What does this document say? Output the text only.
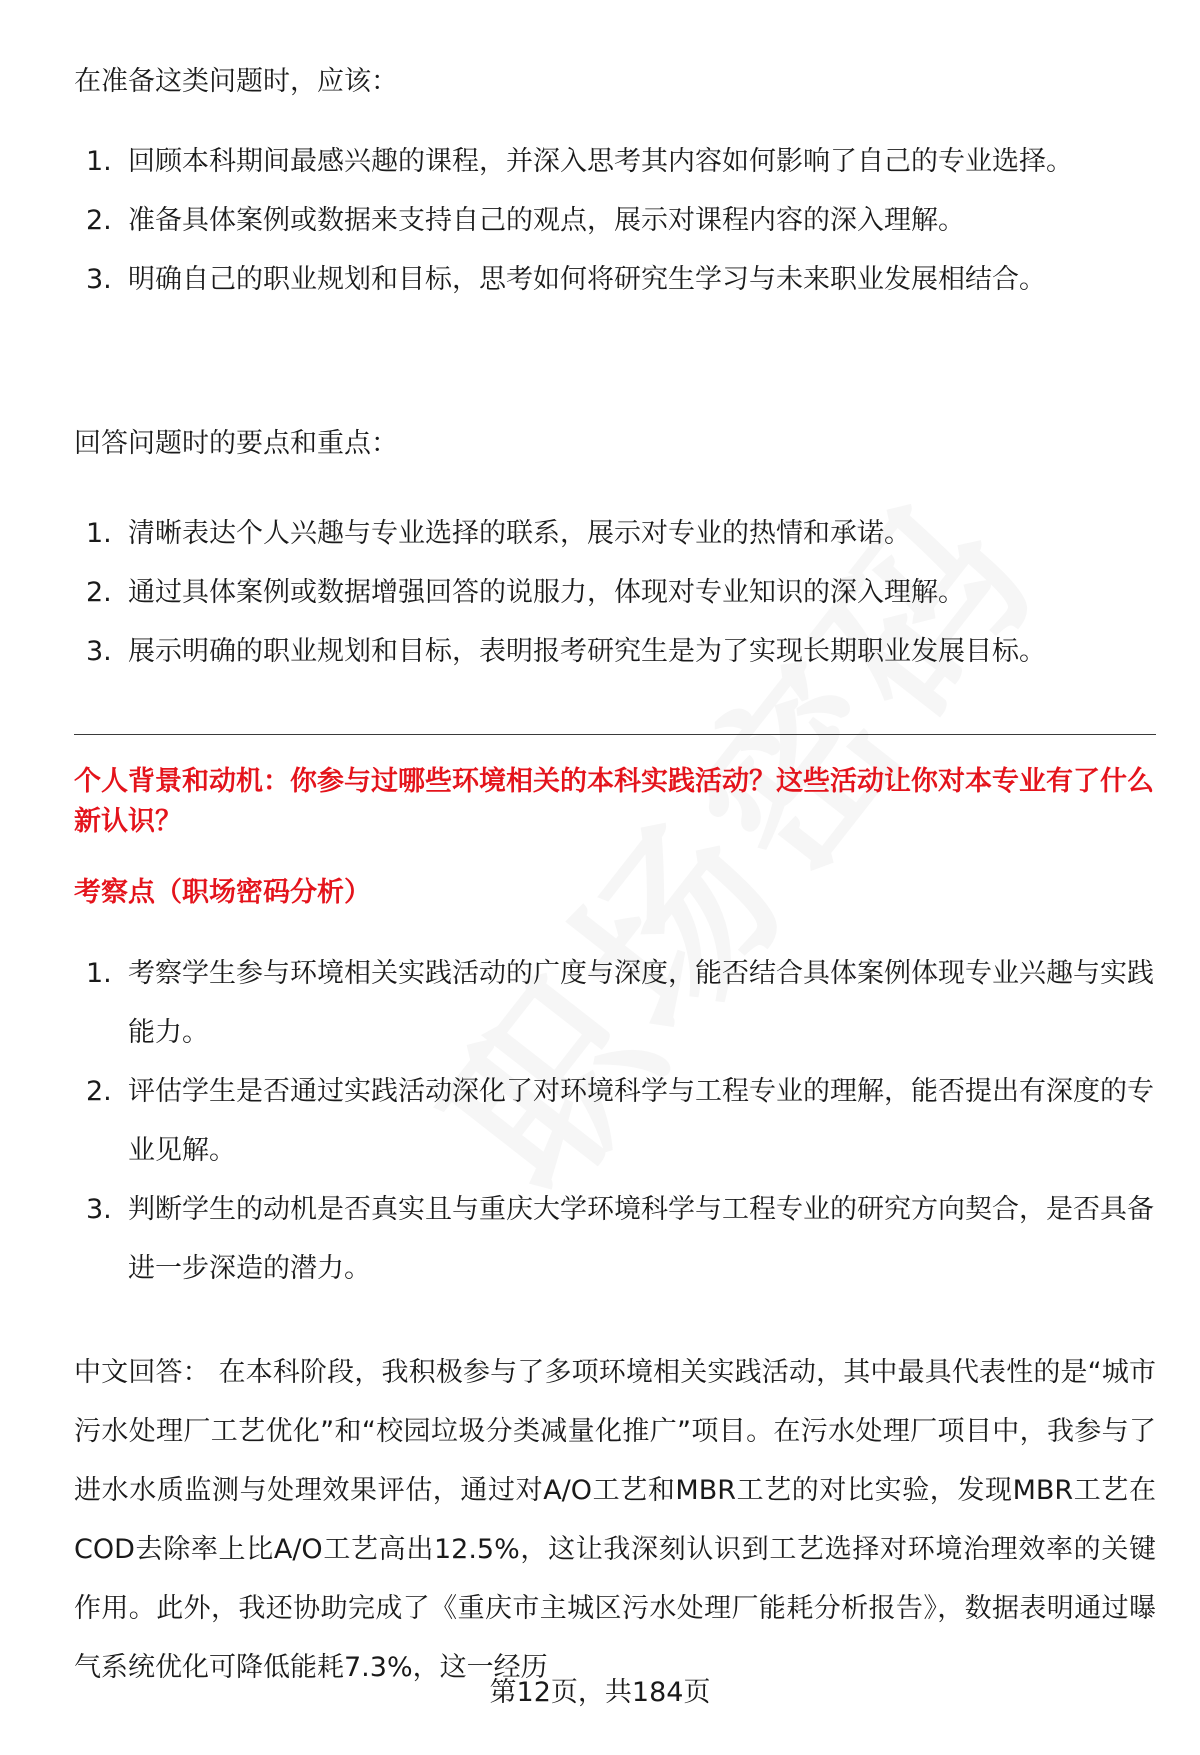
在准备这类问题时，应该：

1. 回顾本科期间最感兴趣的课程，并深入思考其内容如何影响了自己的专业选择。
2. 准备具体案例或数据来支持自己的观点，展示对课程内容的深入理解。
3. 明确自己的职业规划和目标，思考如何将研究生学习与未来职业发展相结合。

回答问题时的要点和重点：

1. 清晰表达个人兴趣与专业选择的联系，展示对专业的热情和承诺。
2. 通过具体案例或数据增强回答的说服力，体现对专业知识的深入理解。
3. 展示明确的职业规划和目标，表明报考研究生是为了实现长期职业发展目标。

个人背景和动机：你参与过哪些环境相关的本科实践活动？这些活动让你对本专业有了什么新认识？

考察点（职场密码分析）

1. 考察学生参与环境相关实践活动的广度与深度，能否结合具体案例体现专业兴趣与实践能力。
2. 评估学生是否通过实践活动深化了对环境科学与工程专业的理解，能否提出有深度的专业见解。
3. 判断学生的动机是否真实且与重庆大学环境科学与工程专业的研究方向契合，是否具备进一步深造的潜力。

中文回答： 在本科阶段，我积极参与了多项环境相关实践活动，其中最具代表性的是“城市污水处理厂工艺优化”和“校园垃圾分类减量化推广”项目。在污水处理厂项目中，我参与了进水水质监测与处理效果评估，通过对A/O工艺和MBR工艺的对比实验，发现MBR工艺在COD去除率上比A/O工艺高出12.5%，这让我深刻认识到工艺选择对环境治理效率的关键作用。此外，我还协助完成了《重庆市主城区污水处理厂能耗分析报告》，数据表明通过曝气系统优化可降低能耗7.3%，这一经历

第12页，共184页
